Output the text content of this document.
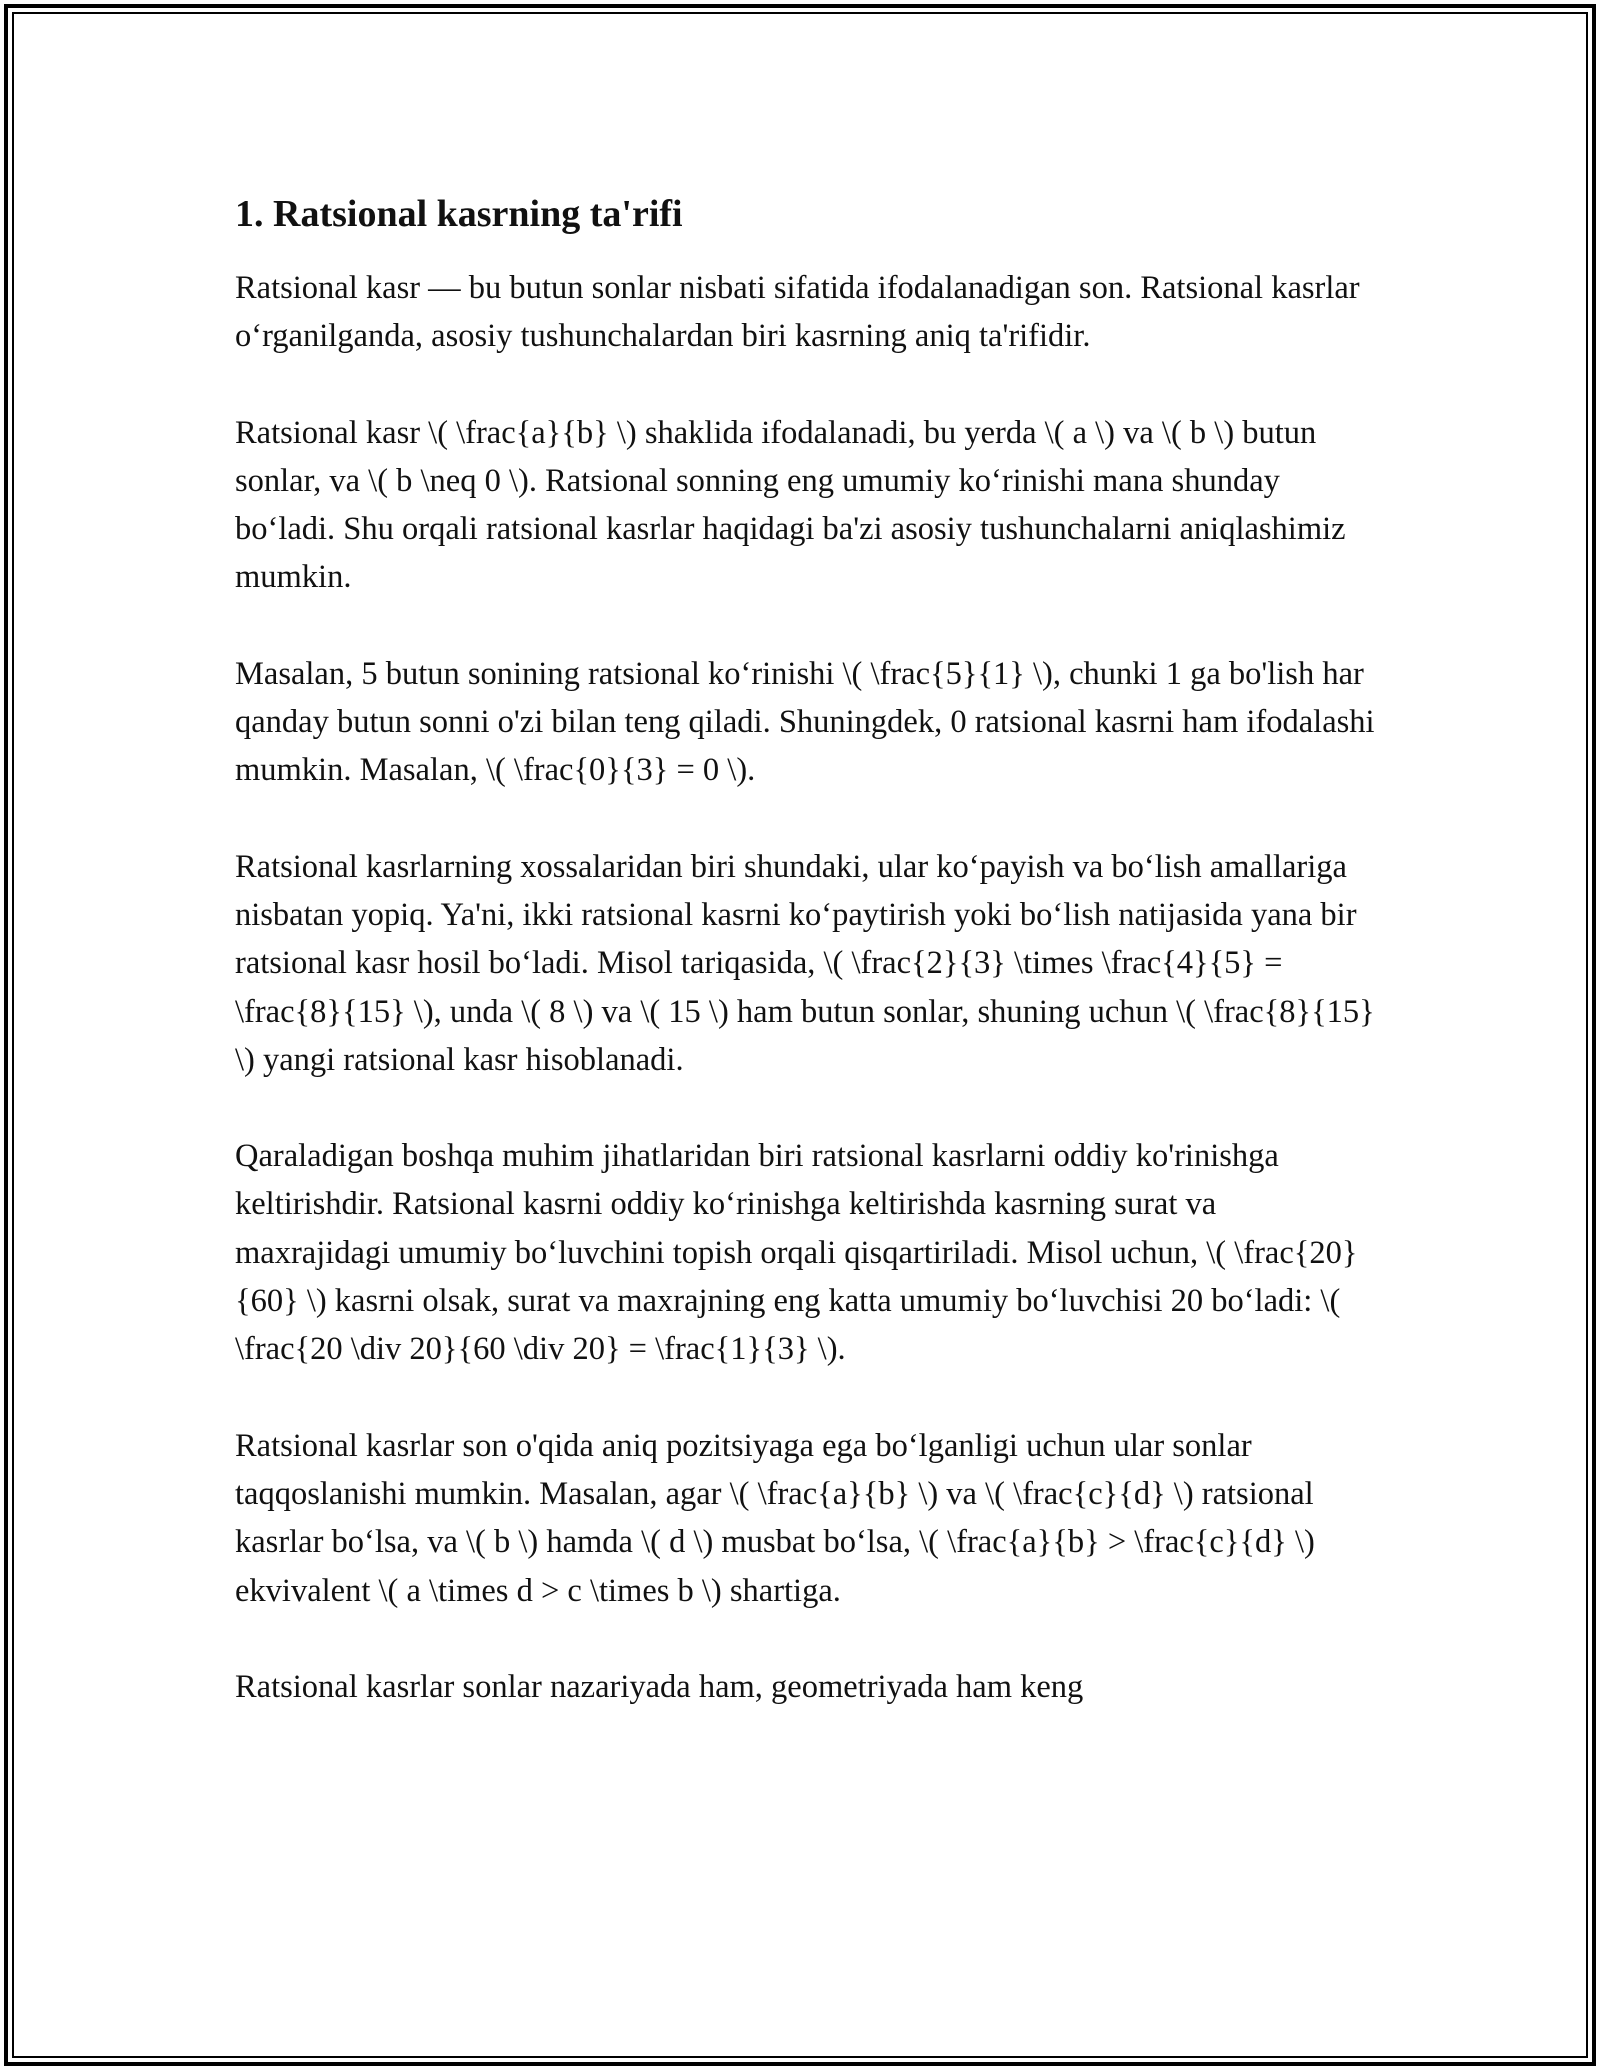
1. Ratsional kasrning ta'rifi

Ratsional kasr — bu butun sonlar nisbati sifatida ifodalanadigan son. Ratsional kasrlar o‘rganilganda, asosiy tushunchalardan biri kasrning aniq ta'rifidir.

Ratsional kasr \( \frac{a}{b} \) shaklida ifodalanadi, bu yerda \( a \) va \( b \) butun sonlar, va \( b \neq 0 \). Ratsional sonning eng umumiy ko‘rinishi mana shunday bo‘ladi. Shu orqali ratsional kasrlar haqidagi ba'zi asosiy tushunchalarni aniqlashimiz mumkin.

Masalan, 5 butun sonining ratsional ko‘rinishi \( \frac{5}{1} \), chunki 1 ga bo'lish har qanday butun sonni o'zi bilan teng qiladi. Shuningdek, 0 ratsional kasrni ham ifodalashi mumkin. Masalan, \( \frac{0}{3} = 0 \).

Ratsional kasrlarning xossalaridan biri shundaki, ular ko‘payish va bo‘lish amallariga nisbatan yopiq. Ya'ni, ikki ratsional kasrni ko‘paytirish yoki bo‘lish natijasida yana bir ratsional kasr hosil bo‘ladi. Misol tariqasida, \( \frac{2}{3} \times \frac{4}{5} = \frac{8}{15} \), unda \( 8 \) va \( 15 \) ham butun sonlar, shuning uchun \( \frac{8}{15} \) yangi ratsional kasr hisoblanadi.

Qaraladigan boshqa muhim jihatlaridan biri ratsional kasrlarni oddiy ko'rinishga keltirishdir. Ratsional kasrni oddiy ko‘rinishga keltirishda kasrning surat va maxrajidagi umumiy bo‘luvchini topish orqali qisqartiriladi. Misol uchun, \( \frac{20}{60} \) kasrni olsak, surat va maxrajning eng katta umumiy bo‘luvchisi 20 bo‘ladi: \( \frac{20 \div 20}{60 \div 20} = \frac{1}{3} \).

Ratsional kasrlar son o'qida aniq pozitsiyaga ega bo‘lganligi uchun ular sonlar taqqoslanishi mumkin. Masalan, agar \( \frac{a}{b} \) va \( \frac{c}{d} \) ratsional kasrlar bo‘lsa, va \( b \) hamda \( d \) musbat bo‘lsa, \( \frac{a}{b} > \frac{c}{d} \) ekvivalent \( a \times d > c \times b \) shartiga.

Ratsional kasrlar sonlar nazariyada ham, geometriyada ham keng
